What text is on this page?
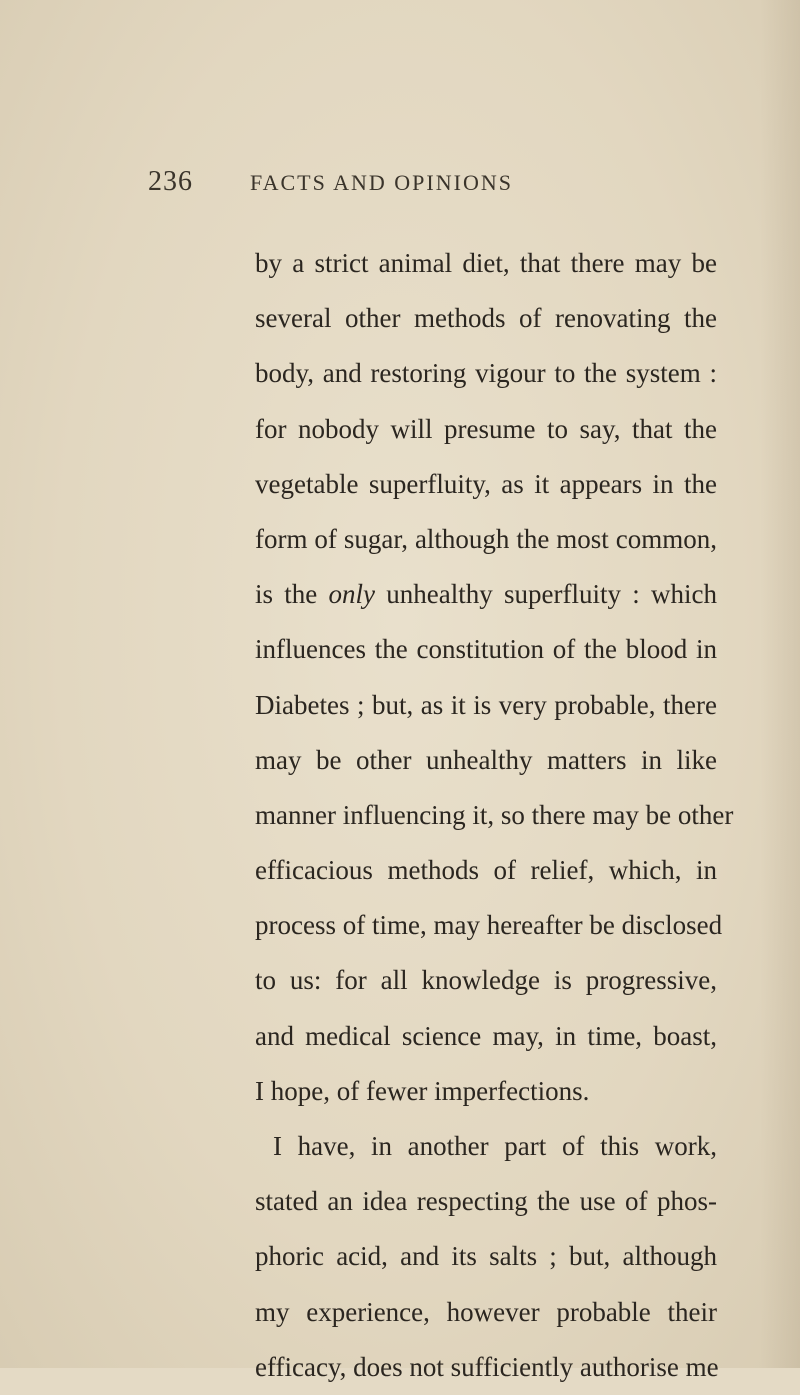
236	FACTS AND OPINIONS
by a strict animal diet, that there may be
several other methods of renovating the
body, and restoring vigour to the system :
for nobody will presume to say, that the
vegetable superfluity, as it appears in the
form of sugar, although the most common,
is the only unhealthy superfluity : which
influences the constitution of the blood in
Diabetes ; but, as it is very probable, there
may be other unhealthy matters in like
manner influencing it, so there may be other
efficacious methods of relief, which, in
process of time, may hereafter be disclosed
to us: for all knowledge is progressive,
and medical science may, in time, boast,
I hope, of fewer imperfections.
I have, in another part of this work,
stated an idea respecting the use of phos-
phoric acid, and its salts ; but, although
my experience, however probable their
efficacy, does not sufficiently authorise me
